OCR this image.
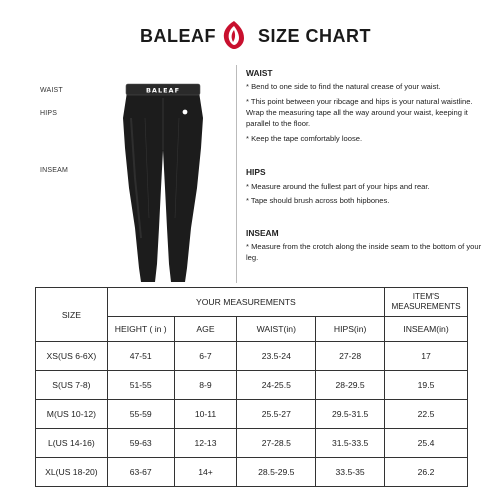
BALEAF SIZE CHART
WAIST
HIPS
INSEAM
BALEAF
WAIST
* Bend to one side to find the natural crease of your waist.
* This point between your ribcage and hips is your natural waistline. Wrap the measuring tape all the way around your waist, keeping it parallel to the floor.
* Keep the tape comfortably loose.
HIPS
* Measure around the fullest part of your hips and rear.
* Tape should brush across both hipbones.
INSEAM
* Measure from the crotch along the inside seam to the bottom of your leg.
SIZE	YOUR MEASUREMENTS				ITEM'S MEASUREMENTS
	HEIGHT ( in )	AGE	WAIST(in)	HIPS(in)	INSEAM(in)
XS(US 6-6X)	47-51	6-7	23.5-24	27-28	17
S(US 7-8)	51-55	8-9	24-25.5	28-29.5	19.5
M(US 10-12)	55-59	10-11	25.5-27	29.5-31.5	22.5
L(US 14-16)	59-63	12-13	27-28.5	31.5-33.5	25.4
XL(US 18-20)	63-67	14+	28.5-29.5	33.5-35	26.2
